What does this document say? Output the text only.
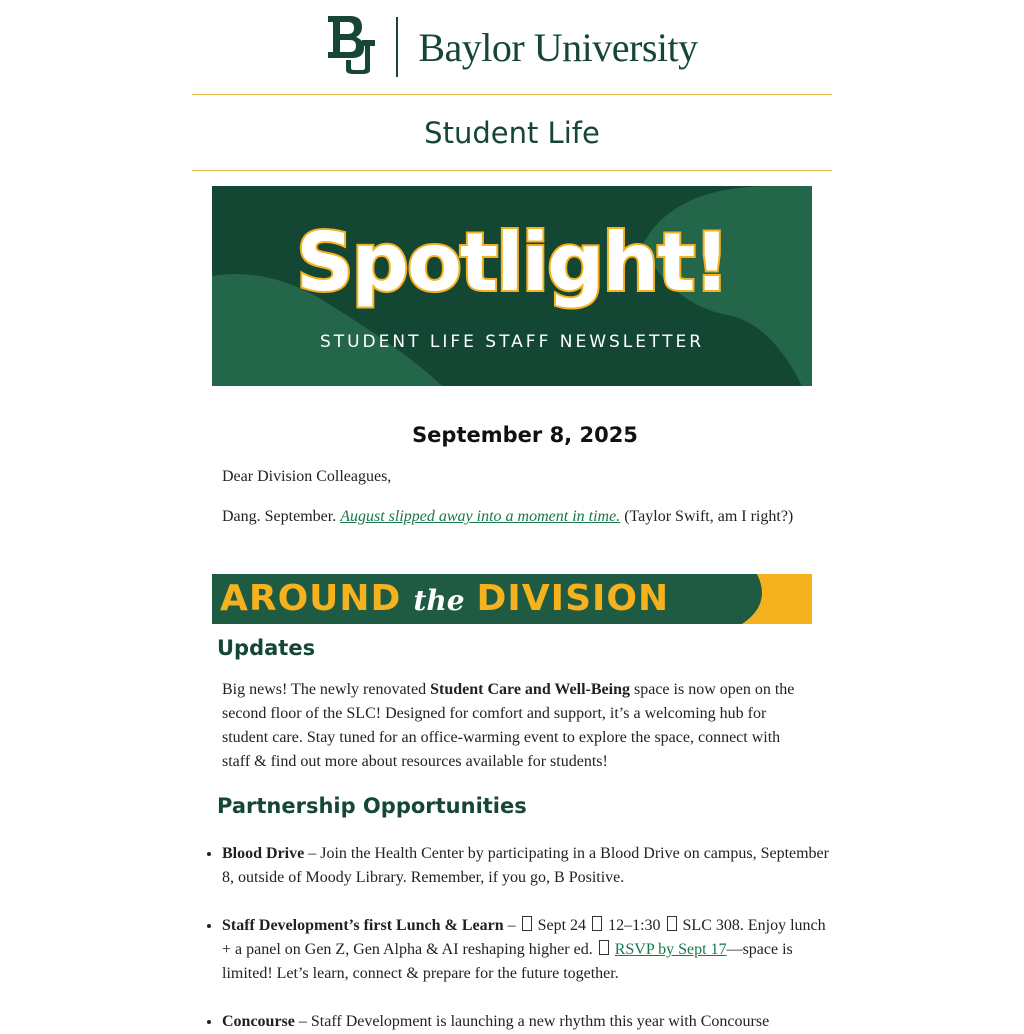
Baylor University
Student Life
Spotlight!
STUDENT LIFE STAFF NEWSLETTER
September 8, 2025
Dear Division Colleagues,
Dang. September. August slipped away into a moment in time. (Taylor Swift, am I right?)
AROUND the DIVISION
Updates
Big news! The newly renovated Student Care and Well-Being space is now open on the second floor of the SLC! Designed for comfort and support, it’s a welcoming hub for student care. Stay tuned for an office-warming event to explore the space, connect with staff & find out more about resources available for students!
Partnership Opportunities
• Blood Drive – Join the Health Center by participating in a Blood Drive on campus, September 8, outside of Moody Library. Remember, if you go, B Positive.
• Staff Development’s first Lunch & Learn –  Sept 24  12–1:30  SLC 308. Enjoy lunch + a panel on Gen Z, Gen Alpha & AI reshaping higher ed.  RSVP by Sept 17—space is limited! Let’s learn, connect & prepare for the future together.
• Concourse – Staff Development is launching a new rhythm this year with Concourse
